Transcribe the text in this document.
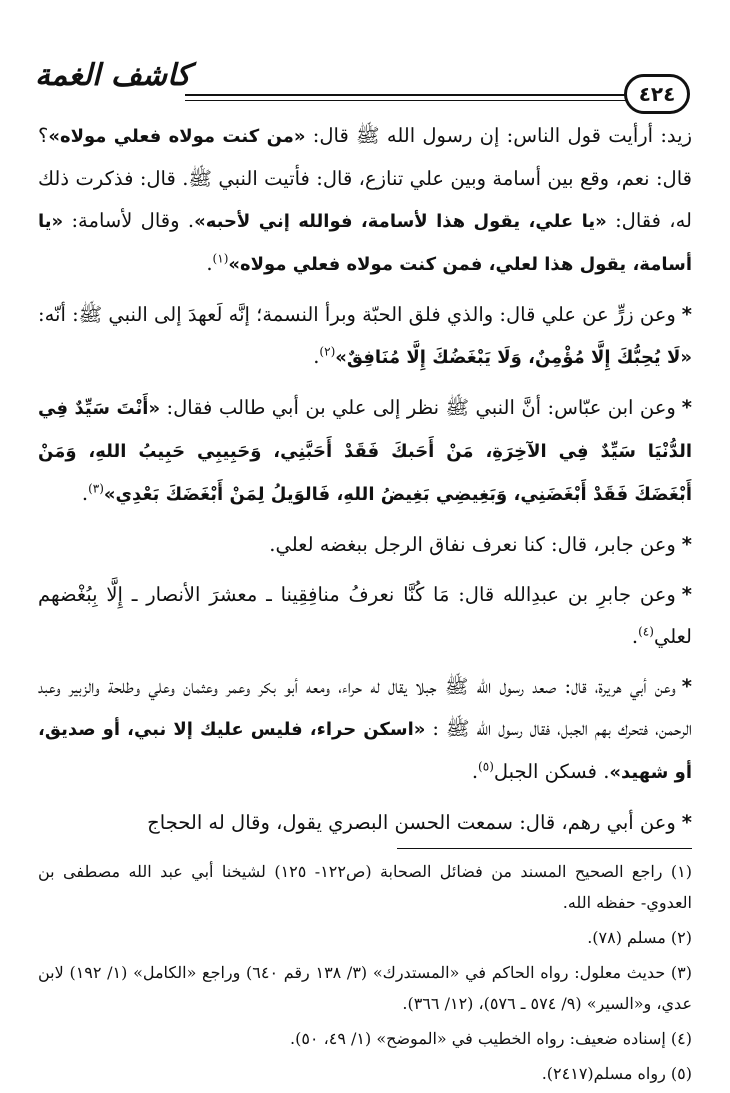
٤٢٤
كاشف الغمة

زيد: أرأيت قول الناس: إن رسول الله ﷺ قال: «من كنت مولاه فعلي مولاه»؟ قال: نعم، وقع بين أسامة وبين علي تنازع، قال: فأتيت النبي ﷺ. قال: فذكرت ذلك له، فقال: «يا علي، يقول هذا لأسامة، فوالله إني لأحبه». وقال لأسامة: «يا أسامة، يقول هذا لعلي، فمن كنت مولاه فعلي مولاه»$^{(١)}$.

*وعن زرٍّ عن علي قال: والذي فلق الحبّة وبرأ النسمة؛ إنَّه لَعهدَ إلى النبي ﷺ: أنّه: «لَا يُحِبُّكَ إِلَّا مُؤْمِنٌ، وَلَا يَبْغَضُكَ إِلَّا مُنَافِقٌ»$^{(٢)}$.

*وعن ابن عبّاس: أنَّ النبي ﷺ نظر إلى علي بن أبي طالب فقال: «أَنْتَ سَيِّدٌ فِي الدُّنْيَا سَيِّدٌ فِي الآخِرَةِ، مَنْ أَحَبكَ فَقَدْ أَحَبَّنِي، وَحَبِيبِي حَبِيبُ اللهِ، وَمَنْ أَبْغَضَكَ فَقَدْ أَبْغَضَنِي، وَبَغِيضِي بَغِيضُ اللهِ، فَالوَيلُ لِمَنْ أَبْغَضَكَ بَعْدِي»$^{(٣)}$.

*وعن جابر، قال: كنا نعرف نفاق الرجل ببغضه لعلي.

*وعن جابرِ بن عبدِالله قال: مَا كُنَّا نعرفُ منافِقِينا ـ معشرَ الأنصار ـ إِلَّا بِبُغْضهم لعلي$^{(٤)}$.

*وعن أبي هريرة، قال: صعد رسول الله ﷺ جبلا يقال له حراء، ومعه أبو بكر وعمر وعثمان وعلي وطلحة والزبير وعبد الرحمن، فتحرك بهم الجبل، فقال رسول الله ﷺ : «اسكن حراء، فليس عليك إلا نبي، أو صديق، أو شهيد». فسكن الجبل$^{(٥)}$.

*وعن أبي رهم، قال: سمعت الحسن البصري يقول، وقال له الحجاج

(١) راجع الصحيح المسند من فضائل الصحابة (ص١٢٢- ١٢٥) لشيخنا أبي عبد الله مصطفى بن العدوي- حفظه الله.

(٢) مسلم (٧٨).

(٣) حديث معلول: رواه الحاكم في «المستدرك» (٣/ ١٣٨ رقم ٦٤٠) وراجع «الكامل» (١/ ١٩٢) لابن عدي، و«السير» (٩/ ٥٧٤ ـ ٥٧٦)، (١٢/ ٣٦٦).

(٤) إسناده ضعيف: رواه الخطيب في «الموضح» (١/ ٤٩، ٥٠).

(٥) رواه مسلم(٢٤١٧).
